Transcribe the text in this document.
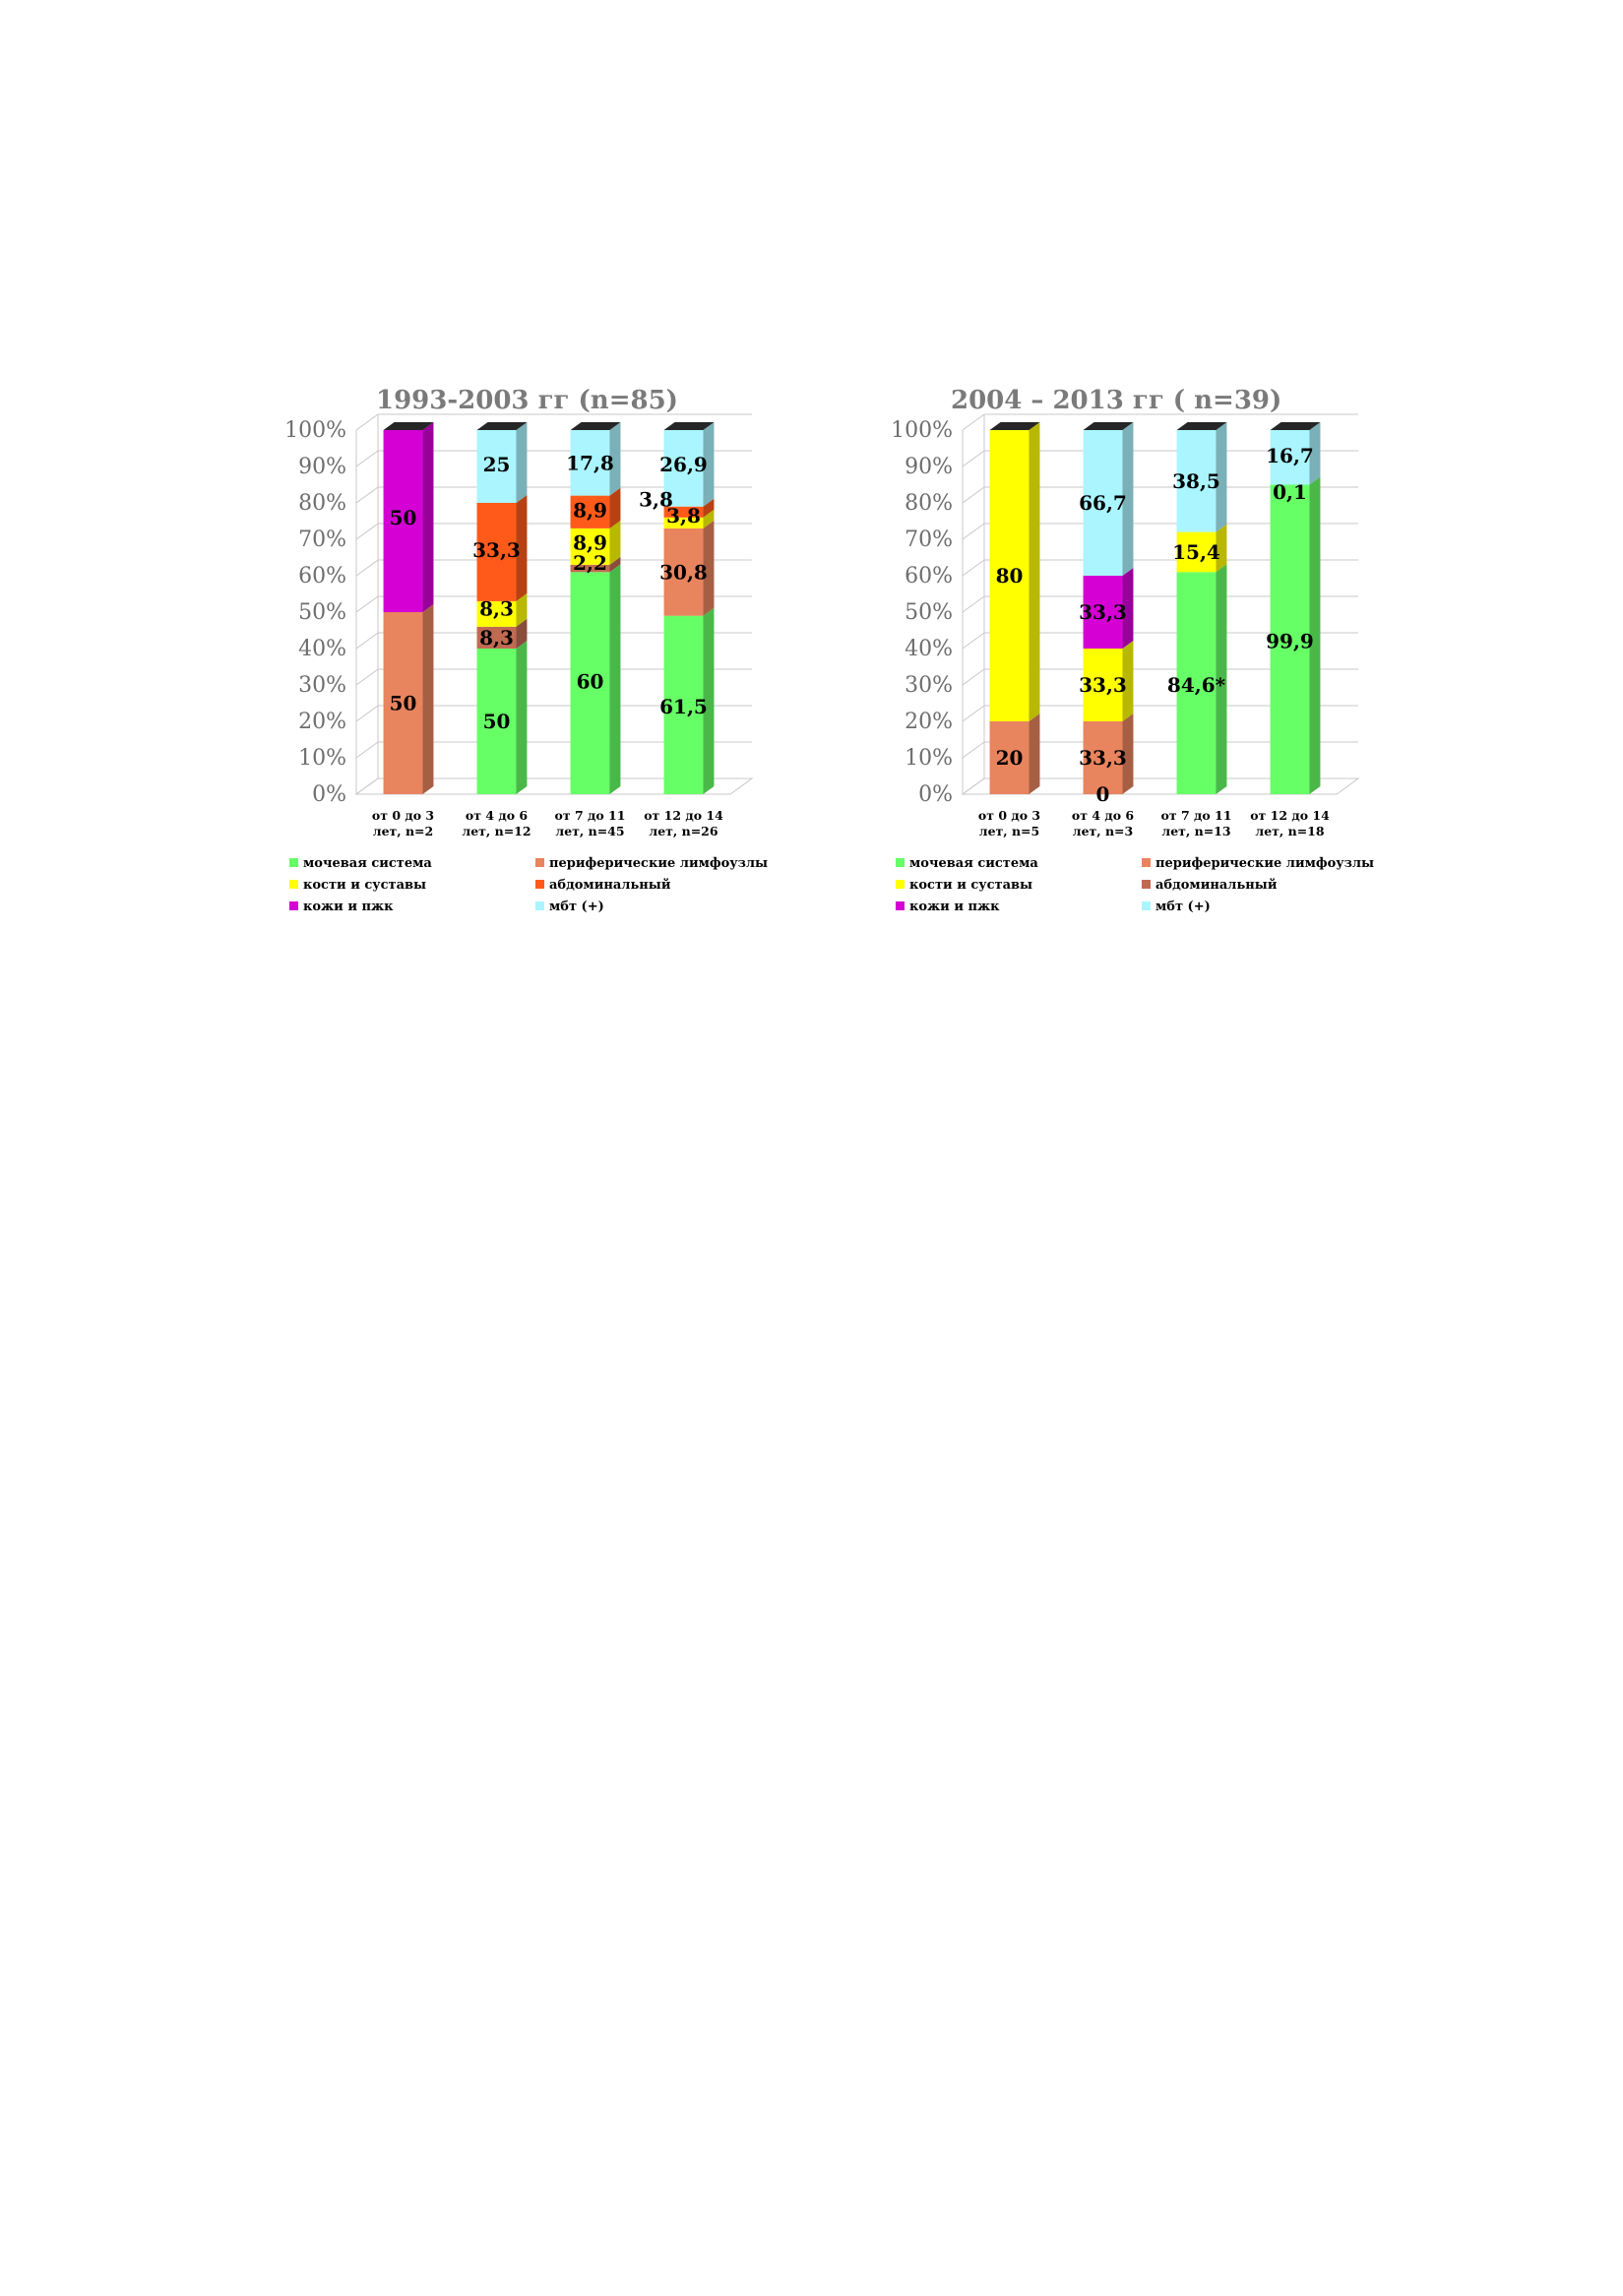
0%
10%
20%
30%
40%
50%
60%
70%
80%
90%
100%
1993-2003 гг (n=85)
от 0 до 3
лет, n=2
от 4 до 6
лет, n=12
от 7 до 11
лет, n=45
от 12 до 14
лет, n=26
50
50
50
8,3
8,3
33,3
25
60
2,2
8,9
8,9
17,8
61,5
30,8
3,8
3,8
26,9
мочевая система	периферические лимфоузлы
кости и суставы	абдоминальный
кожи и пжк	мбт (+)
0%
10%
20%
30%
40%
50%
60%
70%
80%
90%
100%
2004 – 2013 гг ( n=39)
от 0 до 3
лет, n=5
от 4 до 6
лет, n=3
от 7 до 11
лет, n=13
от 12 до 14
лет, n=18
20
80
33,3
0
33,3
33,3
66,7
84,6*
15,4
38,5
99,9
0,1
16,7
мочевая система	периферические лимфоузлы
кости и суставы	абдоминальный
кожи и пжк	мбт (+)
